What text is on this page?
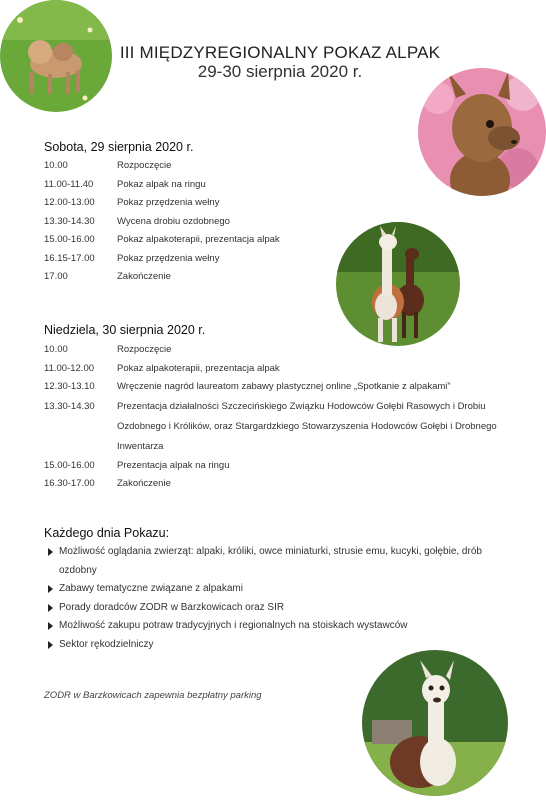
III MIĘDZYREGIONALNY POKAZ ALPAK
29-30 sierpnia 2020 r.
Sobota, 29 sierpnia 2020 r.
10.00	Rozpoczęcie
11.00-11.40	Pokaz alpak na ringu
12.00-13.00	Pokaz przędzenia wełny
13.30-14.30	Wycena drobiu ozdobnego
15.00-16.00	Pokaz alpakoterapii, prezentacja alpak
16.15-17.00	Pokaz przędzenia wełny
17.00	Zakończenie
Niedziela, 30 sierpnia 2020 r.
10.00	Rozpoczęcie
11.00-12.00	Pokaz alpakoterapii, prezentacja alpak
12.30-13.10	Wręczenie nagród laureatom zabawy plastycznej online „Spotkanie z alpakami”
13.30-14.30	Prezentacja działalności Szczecińskiego Związku Hodowców Gołębi Rasowych i Drobiu Ozdobnego i Królików, oraz Stargardzkiego Stowarzyszenia Hodowców Gołębi i Drobnego Inwentarza
15.00-16.00	Prezentacja alpak na ringu
16.30-17.00	Zakończenie
Każdego dnia Pokazu:
Możliwość oglądania zwierząt: alpaki, króliki, owce miniaturki, strusie emu, kucyki, gołębie, drób ozdobny
Zabawy tematyczne związane z alpakami
Porady doradców ZODR w Barzkowicach oraz SIR
Możliwość zakupu potraw tradycyjnych i regionalnych na stoiskach wystawców
Sektor rękodzielniczy
ZODR w Barzkowicach zapewnia bezpłatny parking
